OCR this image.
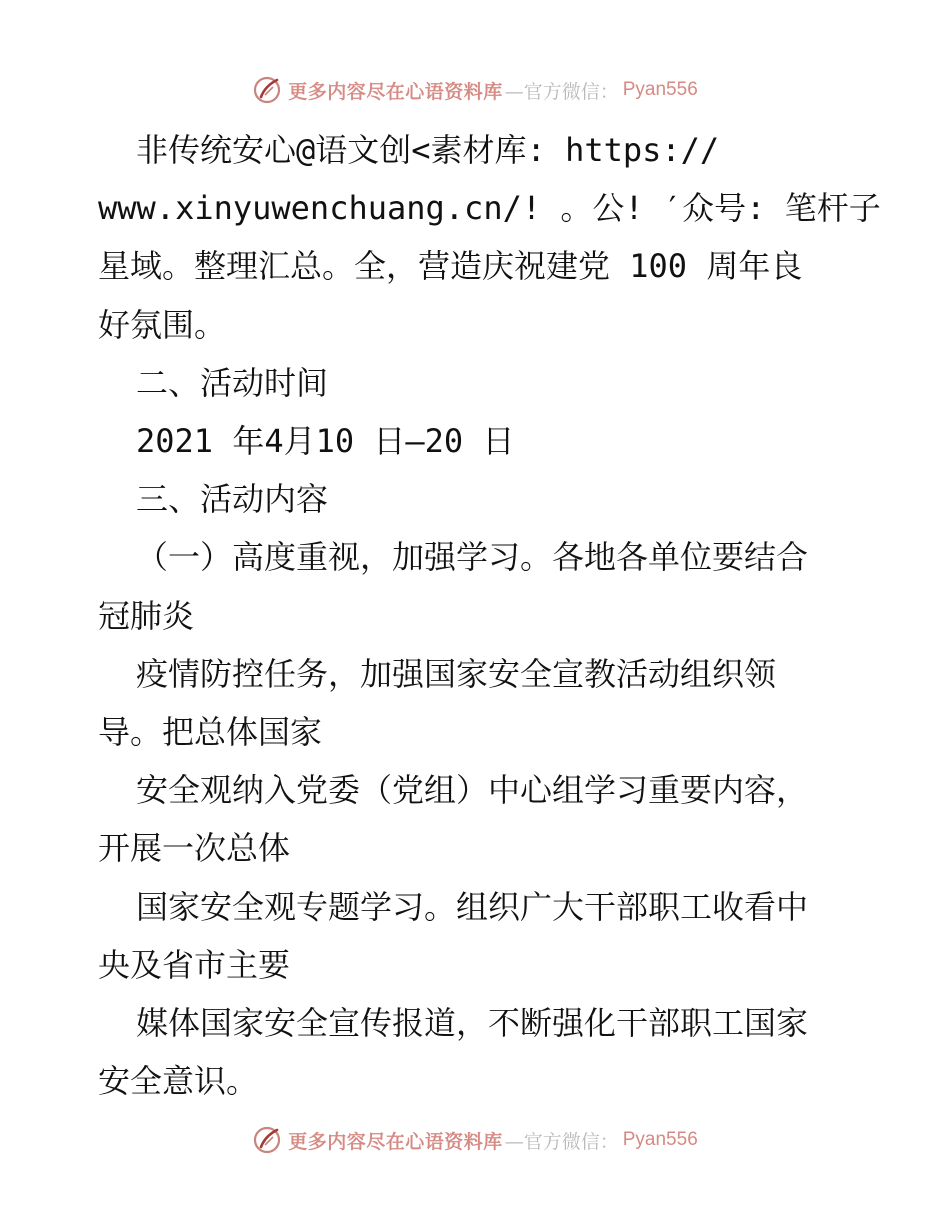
更多内容尽在心语资料库 —官方微信： Pyan556

非传统安心@语文创<素材库: https://

www.xinyuwenchuang.cn/! 。公! ′众号: 笔杆子

星域。整理汇总。全，营造庆祝建党 100 周年良

好氛围。

二、活动时间

2021 年4月10 日—20 日

三、活动内容

（一）高度重视，加强学习。各地各单位要结合

冠肺炎

疫情防控任务，加强国家安全宣教活动组织领

导。把总体国家

安全观纳入党委（党组）中心组学习重要内容，

开展一次总体

国家安全观专题学习。组织广大干部职工收看中

央及省市主要

媒体国家安全宣传报道，不断强化干部职工国家

安全意识。

更多内容尽在心语资料库 —官方微信： Pyan556
